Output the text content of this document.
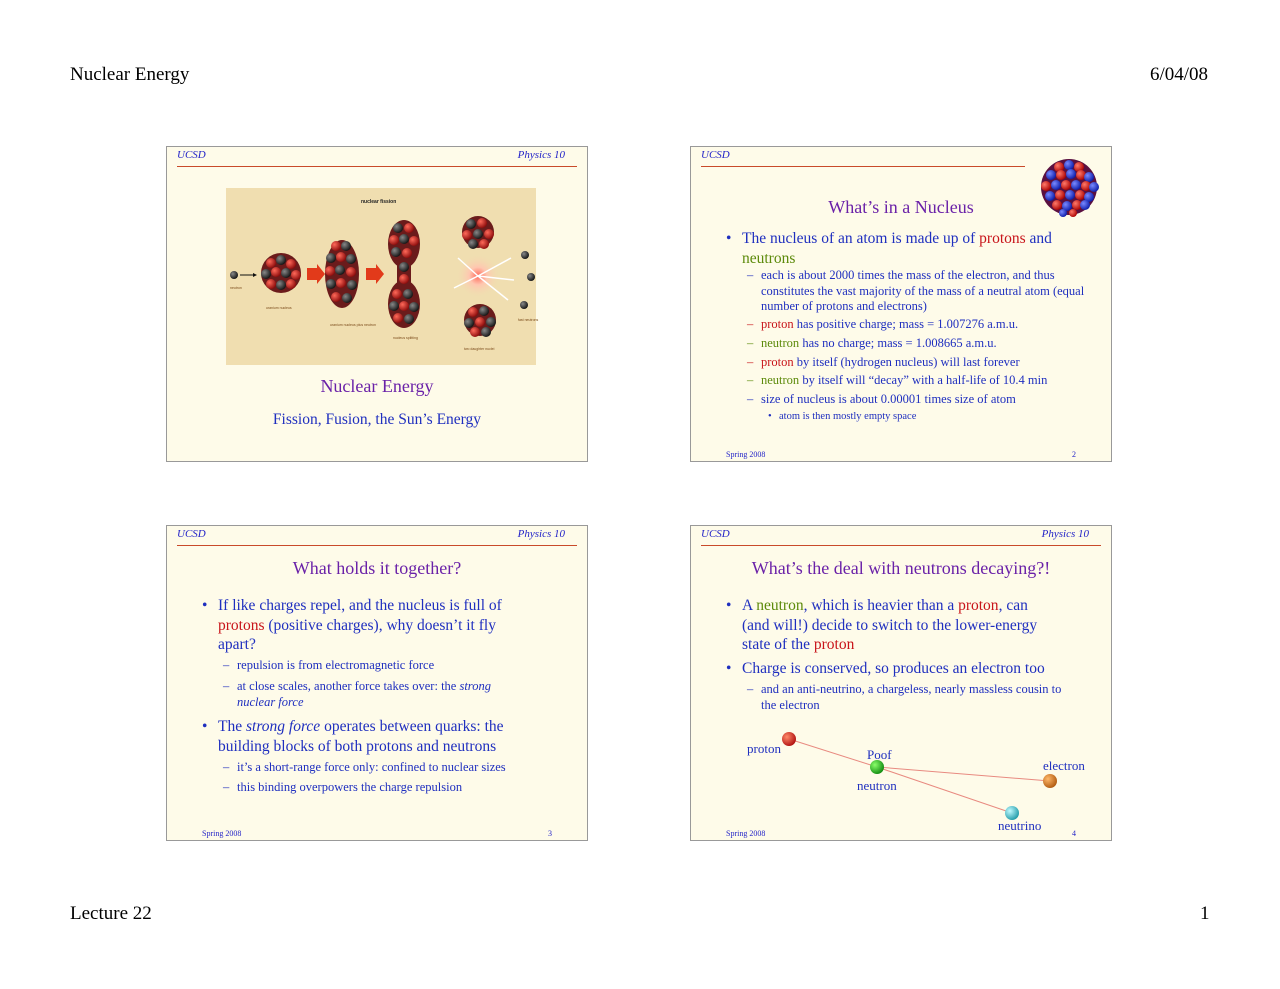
Nuclear Energy	6/04/08
Lecture 22	1
UCSD	Physics 10
nuclear fission
neutron
uranium nucleus
uranium nucleus plus neutron
nucleus splitting
two daughter nuclei
fast neutrons
Nuclear Energy
Fission, Fusion, the Sun’s Energy
UCSD
What’s in a Nucleus
• The nucleus of an atom is made up of protons and
neutrons
– each is about 2000 times the mass of the electron, and thus constitutes the vast majority of the mass of a neutral atom (equal number of protons and electrons)
– proton has positive charge; mass = 1.007276 a.m.u.
– neutron has no charge; mass = 1.008665 a.m.u.
– proton by itself (hydrogen nucleus) will last forever
– neutron by itself will “decay” with a half-life of 10.4 min
– size of nucleus is about 0.00001 times size of atom
• atom is then mostly empty space
Spring 2008	2
UCSD	Physics 10
What holds it together?
• If like charges repel, and the nucleus is full of
protons (positive charges), why doesn’t it fly
apart?
– repulsion is from electromagnetic force
– at close scales, another force takes over: the strong
nuclear force
• The strong force operates between quarks: the
building blocks of both protons and neutrons
– it’s a short-range force only: confined to nuclear sizes
– this binding overpowers the charge repulsion
Spring 2008	3
UCSD	Physics 10
What’s the deal with neutrons decaying?!
• A neutron, which is heavier than a proton, can
(and will!) decide to switch to the lower-energy
state of the proton
• Charge is conserved, so produces an electron too
– and an anti-neutrino, a chargeless, nearly massless cousin to the electron
proton	Poof
neutron
electron
neutrino
Spring 2008	4
